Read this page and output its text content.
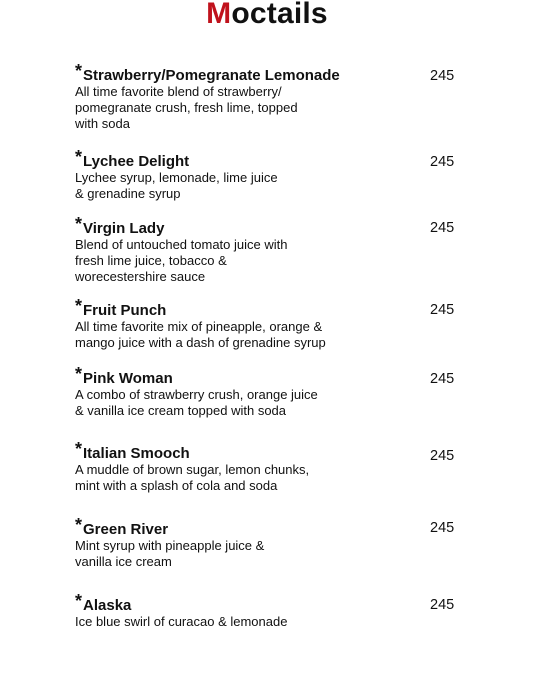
Moctails
*Strawberry/Pomegranate Lemonade
All time favorite blend of strawberry/
pomegranate crush, fresh lime, topped
with soda
245
*Lychee Delight
Lychee syrup, lemonade, lime juice
& grenadine syrup
245
*Virgin Lady
Blend of untouched tomato juice with
fresh lime juice, tobacco &
worecestershire sauce
245
*Fruit Punch
All time favorite mix of pineapple, orange &
mango juice with a dash of grenadine syrup
245
*Pink Woman
A combo of strawberry crush, orange juice
& vanilla ice cream topped with soda
245
*Italian Smooch
A muddle of brown sugar, lemon chunks,
mint with a splash of cola and soda
245
*Green River
Mint syrup with pineapple juice &
vanilla ice cream
245
*Alaska
Ice blue swirl of curacao & lemonade
245
